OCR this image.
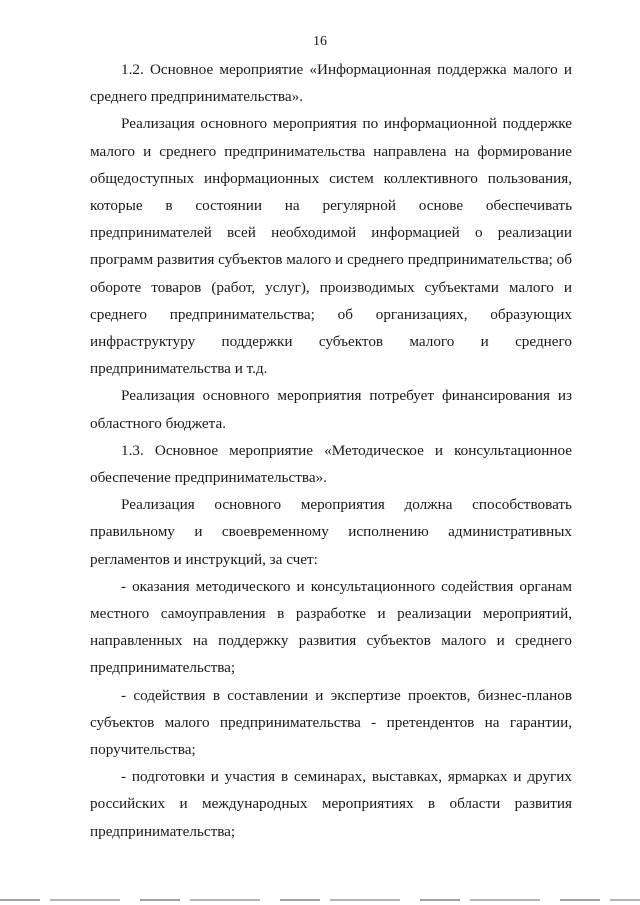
16

1.2. Основное мероприятие «Информационная поддержка малого и среднего предпринимательства».

Реализация основного мероприятия по информационной поддержке малого и среднего предпринимательства направлена на формирование общедоступных информационных систем коллективного пользования, которые в состоянии на регулярной основе обеспечивать предпринимателей всей необходимой информацией о реализации программ развития субъектов малого и среднего предпринимательства; об обороте товаров (работ, услуг), производимых субъектами малого и среднего предпринимательства; об организациях, образующих инфраструктуру поддержки субъектов малого и среднего предпринимательства и т.д.

Реализация основного мероприятия потребует финансирования из областного бюджета.

1.3. Основное мероприятие «Методическое и консультационное обеспечение предпринимательства».

Реализация основного мероприятия должна способствовать правильному и своевременному исполнению административных регламентов и инструкций, за счет:

- оказания методического и консультационного содействия органам местного самоуправления в разработке и реализации мероприятий, направленных на поддержку развития субъектов малого и среднего предпринимательства;

- содействия в составлении и экспертизе проектов, бизнес-планов субъектов малого предпринимательства - претендентов на гарантии, поручительства;

- подготовки и участия в семинарах, выставках, ярмарках и других российских и международных мероприятиях в области развития предпринимательства;
